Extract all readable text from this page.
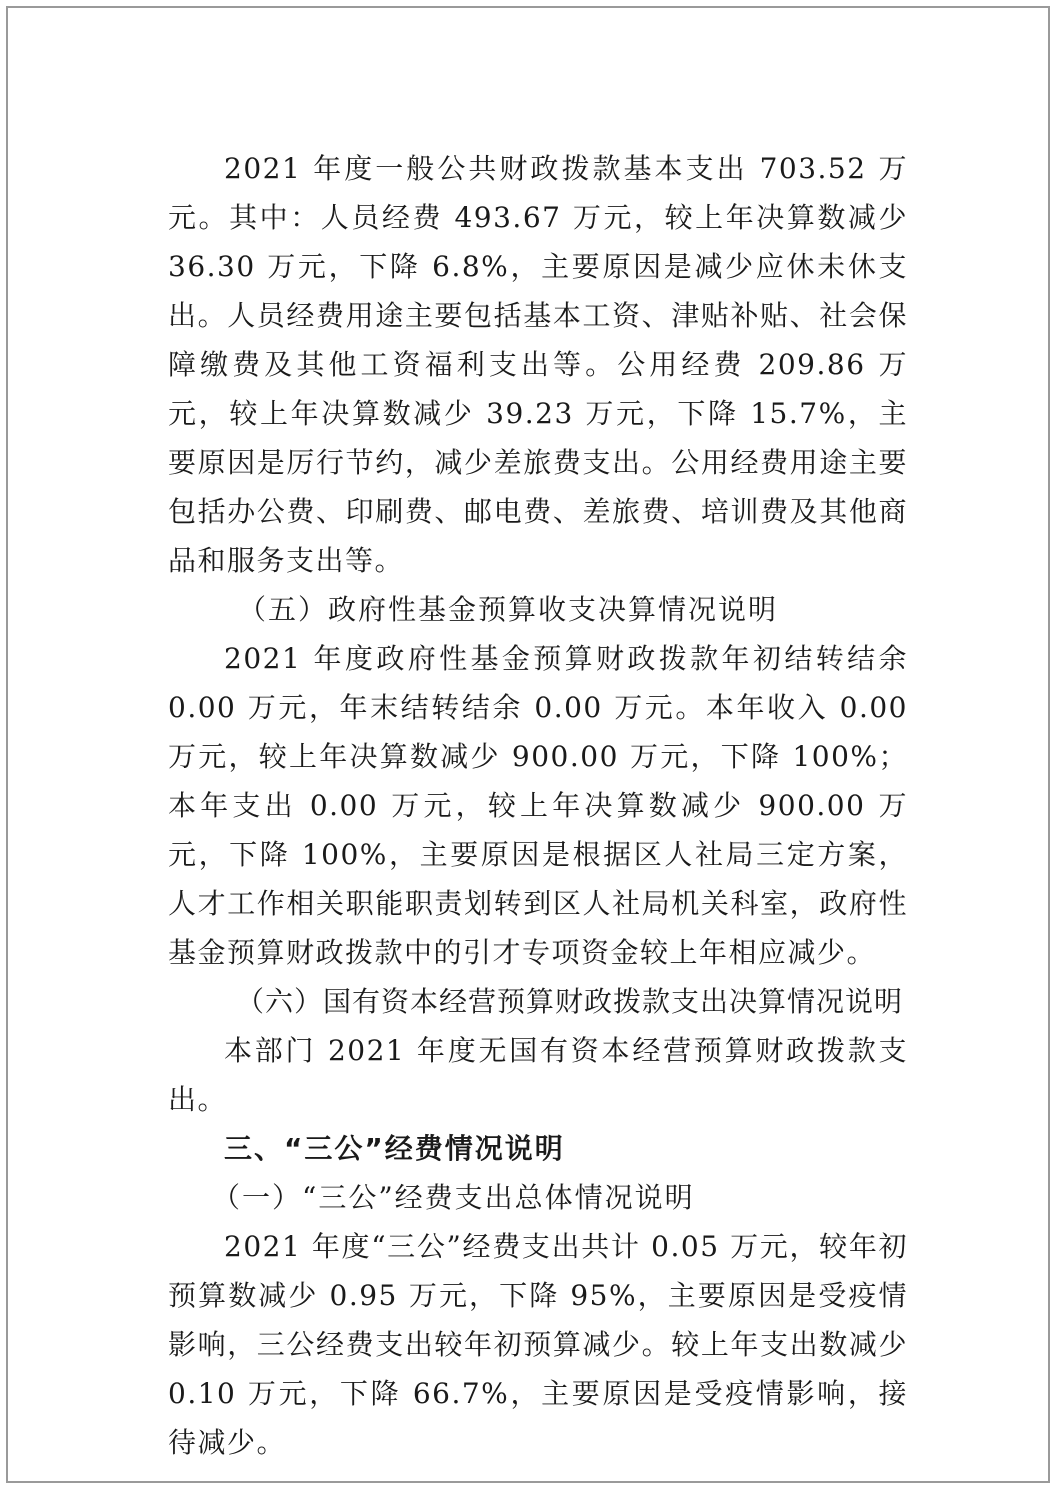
2021 年度一般公共财政拨款基本支出 703.52 万元。其中：人员经费 493.67 万元，较上年决算数减少 36.30 万元，下降 6.8%，主要原因是减少应休未休支出。人员经费用途主要包括基本工资、津贴补贴、社会保障缴费及其他工资福利支出等。公用经费 209.86 万元，较上年决算数减少 39.23 万元，下降 15.7%，主要原因是厉行节约，减少差旅费支出。公用经费用途主要包括办公费、印刷费、邮电费、差旅费、培训费及其他商品和服务支出等。

（五）政府性基金预算收支决算情况说明

2021 年度政府性基金预算财政拨款年初结转结余 0.00 万元，年末结转结余 0.00 万元。本年收入 0.00 万元，较上年决算数减少 900.00 万元，下降 100%；本年支出 0.00 万元，较上年决算数减少 900.00 万元，下降 100%，主要原因是根据区人社局三定方案，人才工作相关职能职责划转到区人社局机关科室，政府性基金预算财政拨款中的引才专项资金较上年相应减少。

（六）国有资本经营预算财政拨款支出决算情况说明

本部门 2021 年度无国有资本经营预算财政拨款支出。

三、“三公”经费情况说明

（一）“三公”经费支出总体情况说明

2021 年度“三公”经费支出共计 0.05 万元，较年初预算数减少 0.95 万元，下降 95%，主要原因是受疫情影响，三公经费支出较年初预算减少。较上年支出数减少 0.10 万元，下降 66.7%，主要原因是受疫情影响，接待减少。
